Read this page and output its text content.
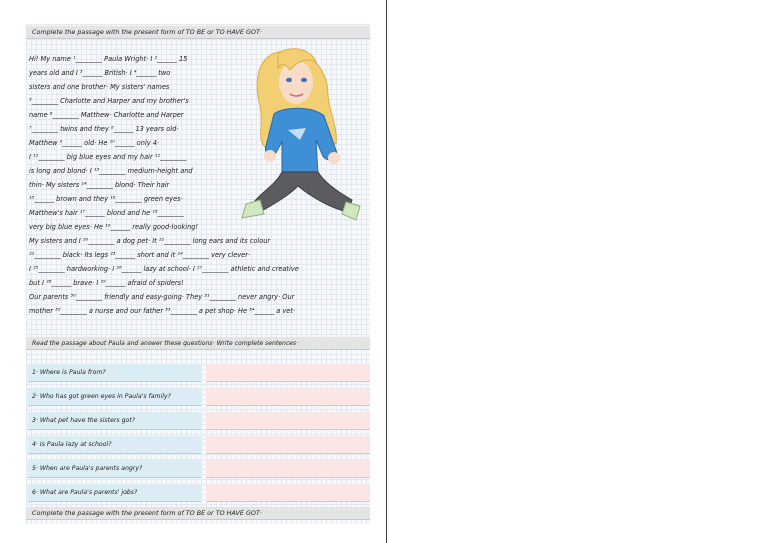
Complete the passage with the present form of TO BE or TO HAVE GOT·
Hi! My name ¹________ Paula Wright· I ²______ 15
years old and I ³______ British· I ⁴______ two
sisters and one brother· My sisters' names
⁵________ Charlotte and Harper and my brother's
name ⁶________ Matthew· Charlotte and Harper
⁷________ twins and they ⁸______ 13 years old·
Matthew ⁹______ old· He ¹⁰______ only 4·
I ¹¹________ big blue eyes and my hair ¹²________
is long and blond· I ¹³________ medium-height and
thin· My sisters ¹⁴________ blond· Their hair
¹⁵______ brown and they ¹⁶________ green eyes·
Matthew's hair ¹⁷______ blond and he ¹⁸________
very big blue eyes· He ¹⁹______ really good-looking!
My sisters and I ²⁰________ a dog pet· It ²¹________ long ears and its colour
²²________ black· Its legs ²³______ short and it ²⁴________ very clever·
I ²⁵________ hardworking· I ²⁶______ lazy at school· I ²⁷________ athletic and creative
but I ²⁸______ brave· I ²⁹______ afraid of spiders!
Our parents ³⁰________ friendly and easy-going· They ³¹________ never angry· Our
mother ³²________ a nurse and our father ³³________ a pet shop· He ³⁴______ a vet·
Read the passage about Paula and answer these questions· Write complete sentences·
1· Where is Paula from?
2· Who has got green eyes in Paula's family?
3· What pet have the sisters got?
4· Is Paula lazy at school?
5· When are Paula's parents angry?
6· What are Paula's parents' jobs?
Complete the passage with the present form of TO BE or TO HAVE GOT·
